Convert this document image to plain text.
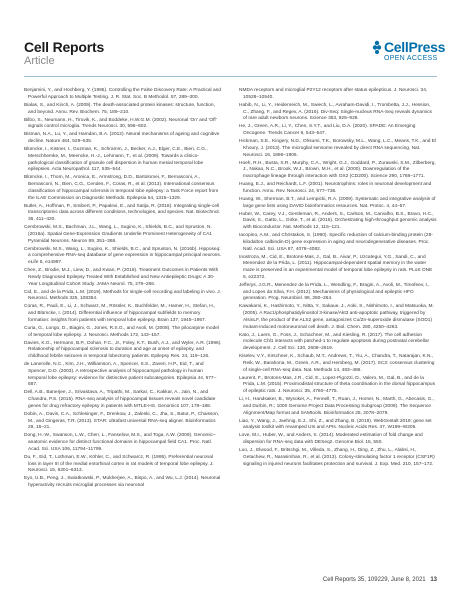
Cell Reports
Article
CellPress
OPEN ACCESS

Benjamini, Y., and Hochberg, Y. (1995). Controlling the False Discovery Rate: A Practical and Powerful Approach to Multiple Testing. J. R. Stat. Soc. B Methodol. 57, 289–300.

Bialas, S., and Kinch, A. (2009). The death-associated protein kinases: structure, function, and beyond. Annu. Rev. Biochem. 75, 189–210.

Bilbo, S., Neumann, H., Tiruvik, K., and Boddeke, H.W.G.M. (2002). Neuronal 'On' and 'Off' signals control microglia. Trends Neurosci. 30, 596–602.

Bisman, N.A., Lu, Y., and Hamdan, B.A. (2012). Neural mechanisms of ageing and cognitive decline. Nature 464, 529–535.

Blümcke, I., Kistner, I., Guzman, K., Schramm, J., Becker, A.J., Elger, C.E., Bien, C.G., Merschhemke, M., Meencke, H.-J., Lehmann, T., et al. (2009). Towards a clinico-pathological classification of granule cell dispersion in human mesial temporal lobe epilepsies. Acta Neuropathol. 117, 535–544.

Blümcke, I., Thom, M., Aronica, E., Armstrong, D.D., Bartolomei, F., Bernasconi, A., Bernasconi, N., Bien, C.G., Cendes, F., Coras, R., et al. (2013). International consensus classification of hippocampal sclerosis in temporal lobe epilepsy: a Task Force report from the ILAE Commission on Diagnostic Methods. Epilepsia 54, 1315–1329.

Butler, A., Hoffman, P., Smibert, P., Papalexi, E., and Satija, R. (2018). Integrating single-cell transcriptomic data across different conditions, technologies, and species. Nat. Biotechnol. 36, 411–420.

Cembrowski, M.S., Bachman, J.L., Wang, L., Sugino, K., Shields, B.C., and Spruston, N. (2016a). Spatial Gene-Expression Gradients Underlie Prominent Heterogeneity of CA1 Pyramidal Neurons. Neuron 89, 351–368.

Cembrowski, M.S., Wang, L., Sugino, K., Shields, B.C., and Spruston, N. (2016b). Hipposeq: a comprehensive RNA-seq database of gene expression in hippocampal principal neurons. eLife 5, e14997.

Chen, Z., Brodie, M.J., Liew, D., and Kwan, P. (2018). Treatment Outcomes in Patients With Newly Diagnosed Epilepsy Treated With Established and New Antiepileptic Drugs: A 30-Year Longitudinal Cohort Study. JAMA Neurol. 75, 279–286.

Cid, E., and de la Prida, L.M. (2019). Methods for single-cell recording and labeling in vivo. J. Neurosci. Methods 325, 108354.

Coras, R., Pauli, E., Li, J., Schwarz, M., Rössler, K., Buchfelder, M., Hamer, H., Stefan, H., and Blümcke, I. (2014). Differential influence of hippocampal subfields to memory formation: insights from patients with temporal lobe epilepsy. Brain 137, 1945–1957.

Curia, G., Longo, D., Biagini, G., Jones, R.S.G., and Avoli, M. (2008). The pilocarpine model of temporal lobe epilepsy. J. Neurosci. Methods 172, 143–157.

Davies, K.G., Hermann, B.P., Dohan, F.C., Jr., Foley, K.T., Bush, A.J., and Wyler, A.R. (1996). Relationship of hippocampal sclerosis to duration and age at onset of epilepsy, and childhood febrile seizures in temporal lobectomy patients. Epilepsy Res. 24, 119–126.

de Lanerolle, N.C., Kim, J.H., Williamson, A., Spencer, S.S., Zaveri, H.P., Eid, T., and Spencer, D.D. (2003). A retrospective analysis of hippocampal pathology in human temporal lobe epilepsy: evidence for distinctive patient subcategories. Epilepsia 44, 677–687.

Dell, A.B., Banerjee, J., Srivastava, A., Tripathi, M., Sarkar, C., Kakkar, A., Jain, N., and Chandra, P.S. (2015). RNA-seq analysis of hippocampal tissues reveals novel candidate genes for drug refractory epilepsy in patients with MTLE-HS. Genomics 107, 178–188.

Dobin, A., Davis, C.A., Schlesinger, F., Drenkow, J., Zaleski, C., Jha, S., Batut, P., Chaisson, M., and Gingeras, T.R. (2013). STAR: ultrafast universal RNA-seq aligner. Bioinformatics 29, 15–21.

Dong, H.-W., Swanson, L.W., Chen, L., Fanselow, M.S., and Toga, A.W. (2009). Genomic–anatomic evidence for distinct functional domains in hippocampal field CA1. Proc. Natl. Acad. Sci. USA 106, 11794–11799.

Du, F., Eid, T., Lothman, E.W., Köhler, C., and Schwarcz, R. (1995). Preferential neuronal loss in layer III of the medial entorhinal cortex in rat models of temporal lobe epilepsy. J. Neurosci. 15, 6301–6313.

Eyo, U.B., Peng, J., Swiatkowski, P., Mukherjee, A., Bispo, A., and Wu, L.J. (2014). Neuronal hyperactivity recruits microglial processes via neuronal

NMDA receptors and microglial P2Y12 receptors after status epilepticus. J. Neurosci. 34, 10528–10540.

Habib, N., Li, Y., Heidenreich, M., Swiech, L., Avraham-Davidi, I., Trombetta, J.J., Hession, C., Zhang, F., and Regev, A. (2016). Div-Seq: Single-nucleus RNA-Seq reveals dynamics of rare adult newborn neurons. Science 353, 925–928.

He, J., Green, A.R., Li, Y., Chen, S.Y.T., and Liu, D.A. (2020). SPADE: An Emerging Oncogene. Trends Cancer 6, 543–547.

Hickman, S.E., Kingery, N.D., Ohsumi, T.K., Borowsky, M.L., Wang, L.C., Means, T.K., and El Khoury, J. (2013). The microglial sensome revealed by direct RNA sequencing. Nat. Neurosci. 16, 1896–1905.

Hoeh, R.H., Busta, S.R., Murphy, C.A., Wright, G.J., Goddard, P., Zurawski, S.M., Zilberberg, J., Nakao, N.C., Brook, W.J., Brown, M.H., et al. (2000). Downregulation of the macrophage lineage through interaction with OX2 (CD200). Science 290, 1768–1771.

Huang, E.J., and Reichardt, L.F. (2001). Neurotrophins: roles in neuronal development and function. Annu. Rev. Neurosci. 24, 677–736.

Huang, W., Sherman, B.T., and Lempicki, R.A. (2009). Systematic and integrative analysis of large gene lists using DAVID bioinformatics resources. Nat. Protoc. 4, 44–57.

Huber, W., Carey, V.J., Gentleman, R., Anders, S., Carlson, M., Carvalho, B.S., Bravo, H.C., Davis, S., Gatto, L., Girke, T., et al. (2015). Orchestrating high-throughput genomic analysis with Bioconductor. Nat. Methods 12, 115–121.

Iacopino, A.M., and Christakos, S. (1990). Specific reduction of calcium-binding protein (28-kilodalton calbindin-D) gene expression in aging and neurodegenerative diseases. Proc. Natl. Acad. Sci. USA 87, 4078–4082.

Inostroza, M., Cid, E., Brotons-Mas, J., Gal, B., Aivar, P., Uzcategui, Y.G., Sandi, C., and Menendez de la Prida, L. (2011). Hippocampal-dependent spatial memory in the water maze is preserved in an experimental model of temporal lobe epilepsy in rats. PLoS ONE 6, e22372.

Jefferys, J.G.R., Menendez de la Prida, L., Wendling, F., Bragin, A., Avoli, M., Timofeev, I., and Lopes da Silva, F.H. (2012). Mechanisms of physiological and epileptic HFO generation. Prog. Neurobiol. 98, 250–264.

Kawakami, K., Hashimoto, Y., Nitta, Y., Sakaue, J., Aoki, S., Nishimoto, I., and Matsuoka, M. (2005). A Rac1/phosphatidylinositol 3-kinase/Akt3 anti-apoptotic pathway, triggered by AlsinLF, the product of the ALS2 gene, antagonizes Cu/Zn-superoxide dismutase (SOD1) mutant-induced motoneuronal cell death. J. Biol. Chem. 280, 4250–4263.

Kato, J., Luers, G., Foss, J., Schachner, M., and Kiesling, R. (2017). The cell adhesion molecule Chl1 interacts with patched-1 to regulate apoptosis during postnatal cerebellar development. J. Cell Sci. 130, 2608–2619.

Kiselev, V.Y., Kirschner, K., Schaub, M.T., Andrews, T., Yiu, A., Chandra, T., Natarajan, K.N., Reik, W., Barahona, M., Green, A.R., and Hemberg, M. (2017). SC3: consensus clustering of single-cell RNA-seq data. Nat. Methods 14, 483–486.

Laurent, F., Brotons-Mas, J.R., Cid, E., Lopez-Pigozzi, D., Valero, M., Gal, B., and de la Prida, L.M. (2015). Proximodistal structure of theta coordination in the dorsal hippocampus of epileptic rats. J. Neurosci. 35, 4760–4775.

Li, H., Handsaker, B., Wysoker, A., Fennell, T., Ruan, J., Homer, N., Marth, G., Abecasis, G., and Durbin, R.; 1000 Genome Project Data Processing Subgroup (2009). The Sequence Alignment/Map format and SAMtools. Bioinformatics 25, 2078–2079.

Liao, Y., Wang, J., Jaehnig, E.J., Shi, Z., and Zhang, B. (2019). WebGestalt 2019: gene set analysis toolkit with revamped UIs and APIs. Nucleic Acids Res. 47, W199–W205.

Love, M.I., Huber, W., and Anders, S. (2014). Moderated estimation of fold change and dispersion for RNA-seq data with DESeq2. Genome Biol. 15, 550.

Luo, J., Elwood, F., Britschgi, M., Villeda, S., Zhang, H., Ding, Z., Zhu, L., Alabsi, H., Getachew, R., Narasimhan, R., et al. (2013). Colony-stimulating factor 1 receptor (CSF1R) signaling in injured neurons facilitates protection and survival. J. Exp. Med. 210, 157–172.

Cell Reports 35, 109229, June 8, 2021 13
